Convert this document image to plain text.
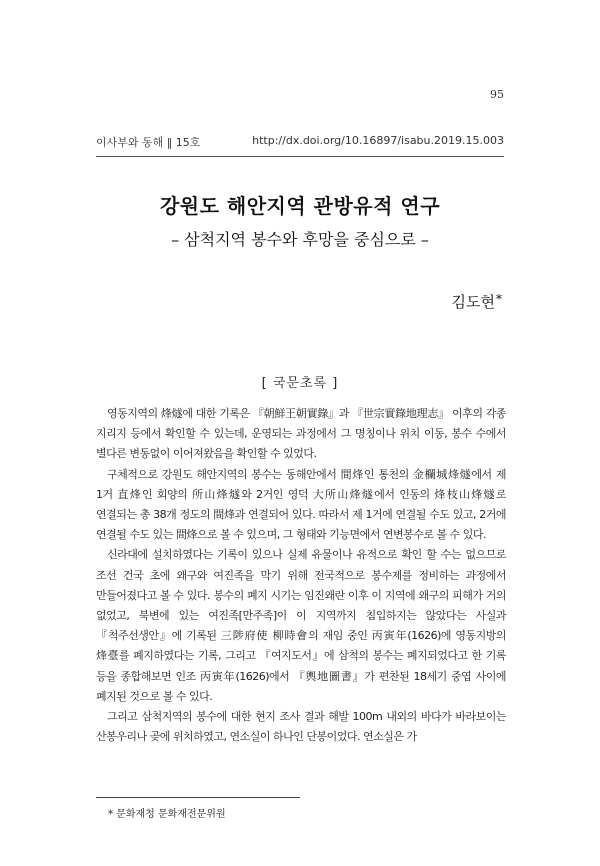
95
이사부와 동해 ‖ 15호	http://dx.doi.org/10.16897/isabu.2019.15.003
강원도 해안지역 관방유적 연구
– 삼척지역 봉수와 후망을 중심으로 –
김도현*
[ 국문초록 ]

영동지역의 烽燧에 대한 기록은 『朝鮮王朝實錄』과 『世宗實錄地理志』 이후의 각종 지리지 등에서 확인할 수 있는데, 운영되는 과정에서 그 명칭이나 위치 이동, 봉수 수에서 별다른 변동없이 이어져왔음을 확인할 수 있었다.

구체적으로 강원도 해안지역의 봉수는 동해안에서 間烽인 통천의 金欄城烽燧에서 제 1거 直烽인 회양의 所山烽燧와 2거인 영덕 大所山烽燧에서 인동의 烽枝山烽燧로 연결되는 총 38개 정도의 間烽과 연결되어 있다. 따라서 제 1거에 연결될 수도 있고, 2거에 연결될 수도 있는 間烽으로 볼 수 있으며, 그 형태와 기능면에서 연변봉수로 볼 수 있다.

신라대에 설치하였다는 기록이 있으나 실제 유물이나 유적으로 확인 할 수는 없으므로 조선 건국 초에 왜구와 여진족을 막기 위해 전국적으로 봉수제를 정비하는 과정에서 만들어졌다고 볼 수 있다. 봉수의 폐지 시기는 임진왜란 이후 이 지역에 왜구의 피해가 거의 없었고, 북변에 있는 여진족[만주족]이 이 지역까지 침입하지는 않았다는 사실과 『척주선생안』에 기록된 三陟府使 柳時會의 재임 중인 丙寅年(1626)에 영동지방의 烽臺를 폐지하였다는 기록, 그리고 『여지도서』에 삼척의 봉수는 폐지되었다고 한 기록 등을 종합해보면 인조 丙寅年(1626)에서 『輿地圖書』가 편찬된 18세기 중엽 사이에 폐지된 것으로 볼 수 있다.

그리고 삼척지역의 봉수에 대한 현지 조사 결과 해발 100m 내외의 바다가 바라보이는 산봉우리나 곶에 위치하였고, 연소실이 하나인 단봉이었다. 연소실은 가

* 문화재청 문화재전문위원
